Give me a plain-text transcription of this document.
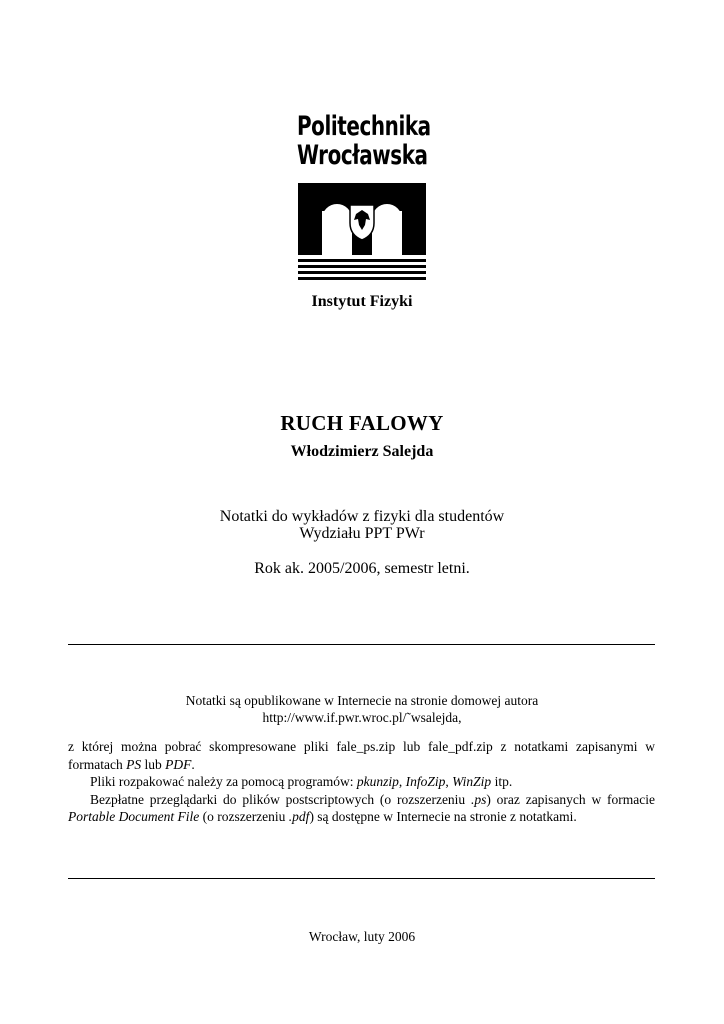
Politechnika
Wrocławska
Instytut Fizyki
RUCH FALOWY
Włodzimierz Salejda
Notatki do wykładów z fizyki dla studentów
Wydziału PPT PWr
Rok ak. 2005/2006, semestr letni.
Notatki są opublikowane w Internecie na stronie domowej autora
http://www.if.pwr.wroc.pl/˜wsalejda,

z której można pobrać skompresowane pliki fale_ps.zip lub fale_pdf.zip z notatkami zapisanymi w formatach PS lub PDF.

Pliki rozpakować należy za pomocą programów: pkunzip, InfoZip, WinZip itp.

Bezpłatne przeglądarki do plików postscriptowych (o rozszerzeniu .ps) oraz zapisanych w formacie Portable Document File (o rozszerzeniu .pdf) są dostępne w Internecie na stronie z notatkami.

Wrocław, luty 2006
